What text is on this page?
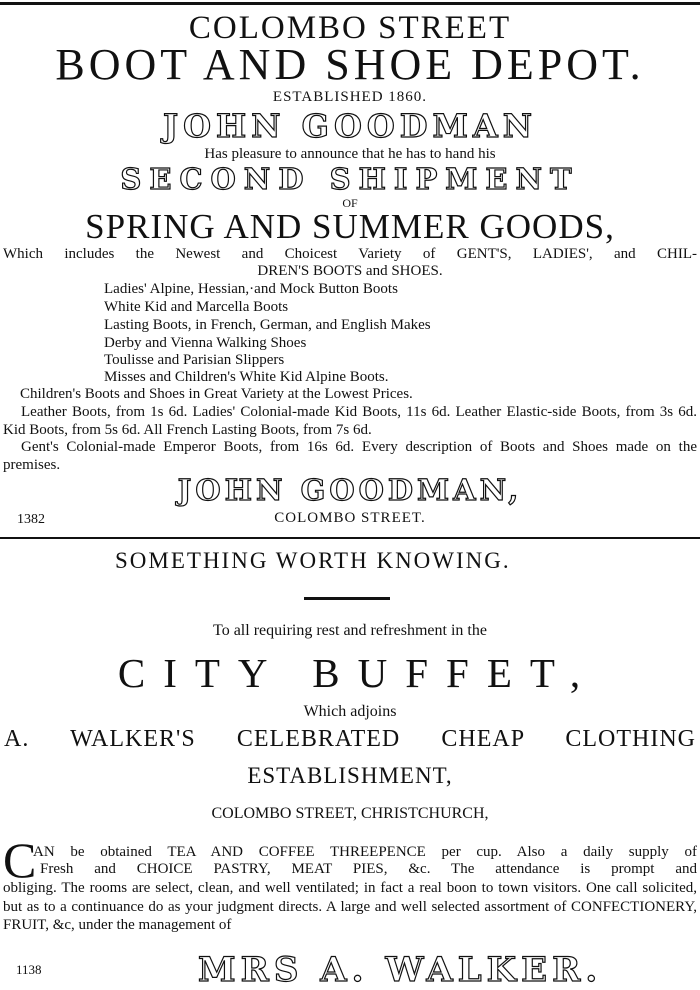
COLOMBO STREET
BOOT AND SHOE DEPOT.
ESTABLISHED 1860.
JOHN GOODMAN
Has pleasure to announce that he has to hand his
SECOND SHIPMENT
OF
SPRING AND SUMMER GOODS,
Which includes the Newest and Choicest Variety of GENT'S, LADIES', and CHIL-
DREN'S BOOTS and SHOES.
Ladies' Alpine, Hessian,·and Mock Button Boots
White Kid and Marcella Boots
Lasting Boots, in French, German, and English Makes
Derby and Vienna Walking Shoes
Toulisse and Parisian Slippers
Misses and Children's White Kid Alpine Boots.
Children's Boots and Shoes in Great Variety at the Lowest Prices.
Leather Boots, from 1s 6d. Ladies' Colonial-made Kid Boots, 11s 6d. Leather Elastic-side Boots, from 3s 6d. Kid Boots, from 5s 6d. All French Lasting Boots, from 7s 6d.
Gent's Colonial-made Emperor Boots, from 16s 6d. Every description of Boots and Shoes made on the premises.
JOHN GOODMAN,
1382	COLOMBO STREET.
SOMETHING WORTH KNOWING.
To all requiring rest and refreshment in the
CITY BUFFET,
Which adjoins
A. WALKER'S CELEBRATED CHEAP CLOTHING
ESTABLISHMENT,
COLOMBO STREET, CHRISTCHURCH,
C
AN be obtained TEA AND COFFEE THREEPENCE per cup. Also a daily supply of
Fresh and CHOICE PASTRY, MEAT PIES, &c. The attendance is prompt and
obliging. The rooms are select, clean, and well ventilated; in fact a real boon to town visitors. One call solicited, but as to a continuance do as your judgment directs. A large and well selected assortment of CONFECTIONERY, FRUIT, &c, under the management of
1138	MRS A. WALKER.
